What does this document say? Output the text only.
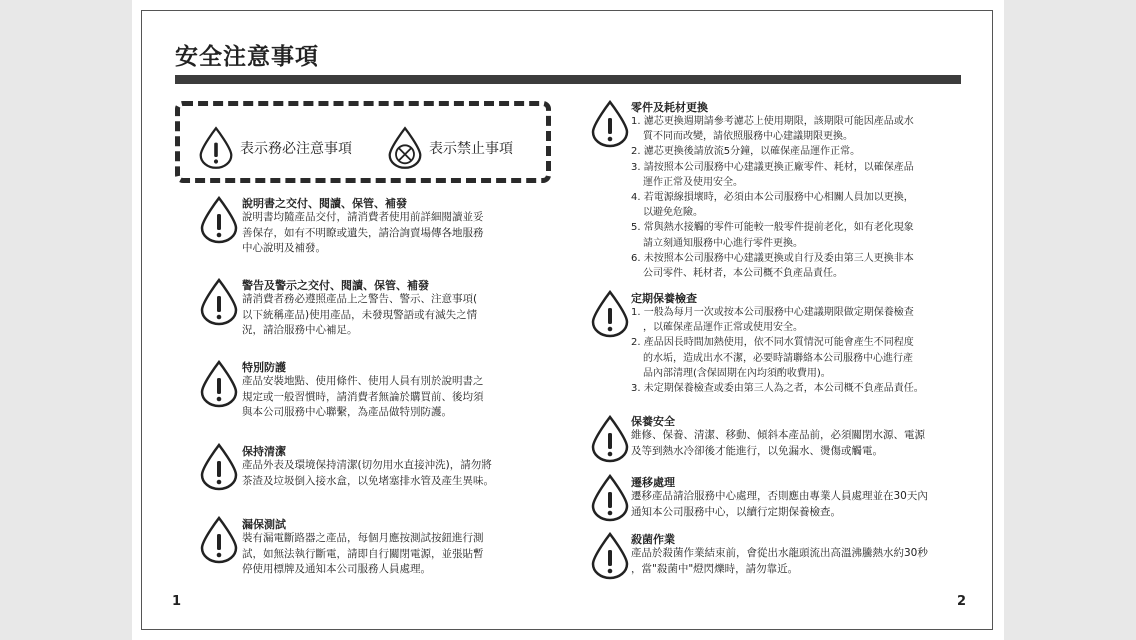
安全注意事項
表示務必注意事項	表示禁止事項
說明書之交付、閱讀、保管、補發
說明書均隨產品交付，請消費者使用前詳細閱讀並妥
善保存，如有不明瞭或遺失，請洽詢賣場傳各地服務
中心說明及補發。
警告及警示之交付、閱讀、保管、補發
請消費者務必遵照產品上之警告、警示、注意事項(
以下統稱產品)使用產品，未發現警語或有滅失之情
況，請洽服務中心補足。
特別防護
產品安裝地點、使用條件、使用人員有別於說明書之
規定或一般習慣時，請消費者無論於購買前、後均須
與本公司服務中心聯繫，為產品做特別防護。
保持清潔
產品外表及環境保持清潔(切勿用水直接沖洗)，請勿將
茶渣及垃圾倒入接水盒，以免堵塞排水管及產生異味。
漏保測試
裝有漏電斷路器之產品，每個月應按測試按鈕進行測
試，如無法執行斷電，請即自行關閉電源，並張貼暫
停使用標牌及通知本公司服務人員處理。
零件及耗材更換
1. 濾芯更換週期請參考濾芯上使用期限，該期限可能因產品或水
質不同而改變，請依照服務中心建議期限更換。
2. 濾芯更換後請放流5分鐘，以確保產品運作正常。
3. 請按照本公司服務中心建議更換正廠零件、耗材，以確保產品
運作正常及使用安全。
4. 若電源線損壞時，必須由本公司服務中心相關人員加以更換，
以避免危險。
5. 常與熱水接觸的零件可能較一般零件提前老化，如有老化現象
請立刻通知服務中心進行零件更換。
6. 未按照本公司服務中心建議更換或自行及委由第三人更換非本
公司零件、耗材者，本公司概不負產品責任。
定期保養檢查
1. 一般為每月一次或按本公司服務中心建議期限做定期保養檢查
，以確保產品運作正常或使用安全。
2. 產品因長時間加熱使用，依不同水質情況可能會產生不同程度
的水垢，造成出水不潔，必要時請聯絡本公司服務中心進行產
品內部清理(含保固期在內均須酌收費用)。
3. 未定期保養檢查或委由第三人為之者，本公司概不負產品責任。
保養安全
維修、保養、清潔、移動、傾斜本產品前，必須關閉水源、電源
及等到熱水冷卻後才能進行，以免漏水、燙傷或觸電。
遷移處理
遷移產品請洽服務中心處理，否則應由專業人員處理並在30天內
通知本公司服務中心，以續行定期保養檢查。
殺菌作業
產品於殺菌作業結束前，會從出水龍頭流出高溫沸騰熱水約30秒
，當"殺菌中"燈閃爍時，請勿靠近。
1	2
